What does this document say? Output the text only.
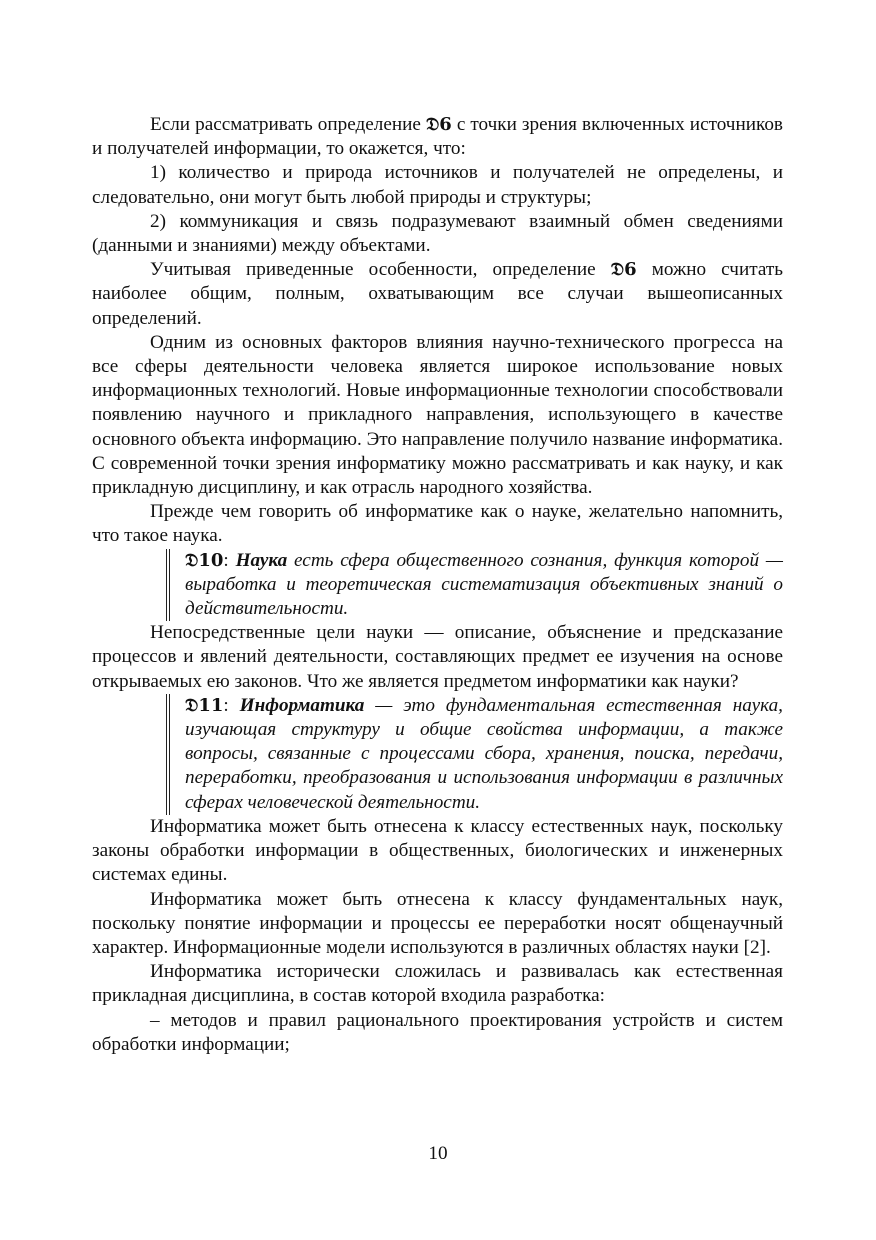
Если рассматривать определение 𝔇6 с точки зрения включенных источников и получателей информации, то окажется, что:

1) количество и природа источников и получателей не определены, и следовательно, они могут быть любой природы и структуры;

2) коммуникация и связь подразумевают взаимный обмен сведениями (данными и знаниями) между объектами.

Учитывая приведенные особенности, определение 𝔇6 можно считать наиболее общим, полным, охватывающим все случаи вышеописанных определений.

Одним из основных факторов влияния научно-технического прогресса на все сферы деятельности человека является широкое использование новых информационных технологий. Новые информационные технологии способствовали появлению научного и прикладного направления, использующего в качестве основного объекта информацию. Это направление получило название информатика. С современной точки зрения информатику можно рассматривать и как науку, и как прикладную дисциплину, и как отрасль народного хозяйства.

Прежде чем говорить об информатике как о науке, желательно напомнить, что такое наука.

𝔇10: Наука есть сфера общественного сознания, функция которой — выработка и теоретическая систематизация объективных знаний о действительности.

Непосредственные цели науки — описание, объяснение и предсказание процессов и явлений деятельности, составляющих предмет ее изучения на основе открываемых ею законов. Что же является предметом информатики как науки?

𝔇11: Информатика — это фундаментальная естественная наука, изучающая структуру и общие свойства информации, а также вопросы, связанные с процессами сбора, хранения, поиска, передачи, переработки, преобразования и использования информации в различных сферах человеческой деятельности.

Информатика может быть отнесена к классу естественных наук, поскольку законы обработки информации в общественных, биологических и инженерных системах едины.

Информатика может быть отнесена к классу фундаментальных наук, поскольку понятие информации и процессы ее переработки носят общенаучный характер. Информационные модели используются в различных областях науки [2].

Информатика исторически сложилась и развивалась как естественная прикладная дисциплина, в состав которой входила разработка:

– методов и правил рационального проектирования устройств и систем обработки информации;

10
